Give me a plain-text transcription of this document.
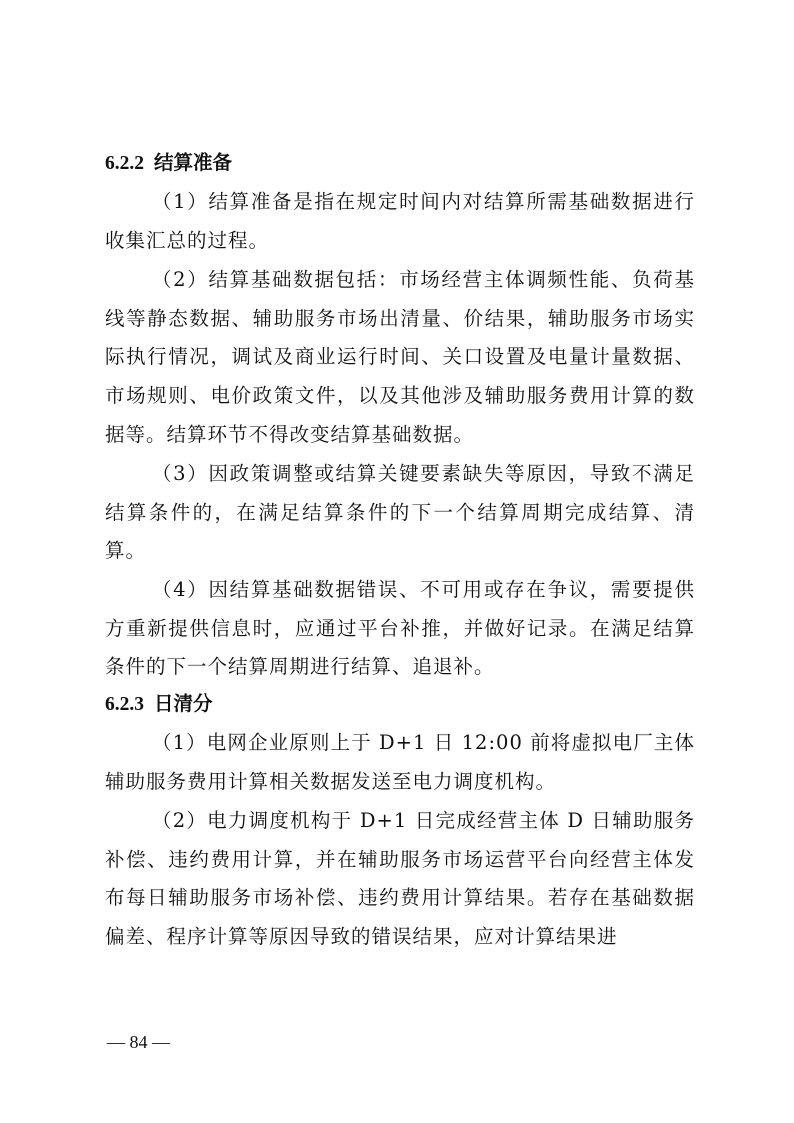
6.2.2 结算准备

（1）结算准备是指在规定时间内对结算所需基础数据进行收集汇总的过程。

（2）结算基础数据包括：市场经营主体调频性能、负荷基线等静态数据、辅助服务市场出清量、价结果，辅助服务市场实际执行情况，调试及商业运行时间、关口设置及电量计量数据、市场规则、电价政策文件，以及其他涉及辅助服务费用计算的数据等。结算环节不得改变结算基础数据。

（3）因政策调整或结算关键要素缺失等原因，导致不满足结算条件的，在满足结算条件的下一个结算周期完成结算、清算。

（4）因结算基础数据错误、不可用或存在争议，需要提供方重新提供信息时，应通过平台补推，并做好记录。在满足结算条件的下一个结算周期进行结算、追退补。

6.2.3 日清分

（1）电网企业原则上于 D+1 日 12:00 前将虚拟电厂主体辅助服务费用计算相关数据发送至电力调度机构。

（2）电力调度机构于 D+1 日完成经营主体 D 日辅助服务补偿、违约费用计算，并在辅助服务市场运营平台向经营主体发布每日辅助服务市场补偿、违约费用计算结果。若存在基础数据偏差、程序计算等原因导致的错误结果，应对计算结果进

— 84 —
